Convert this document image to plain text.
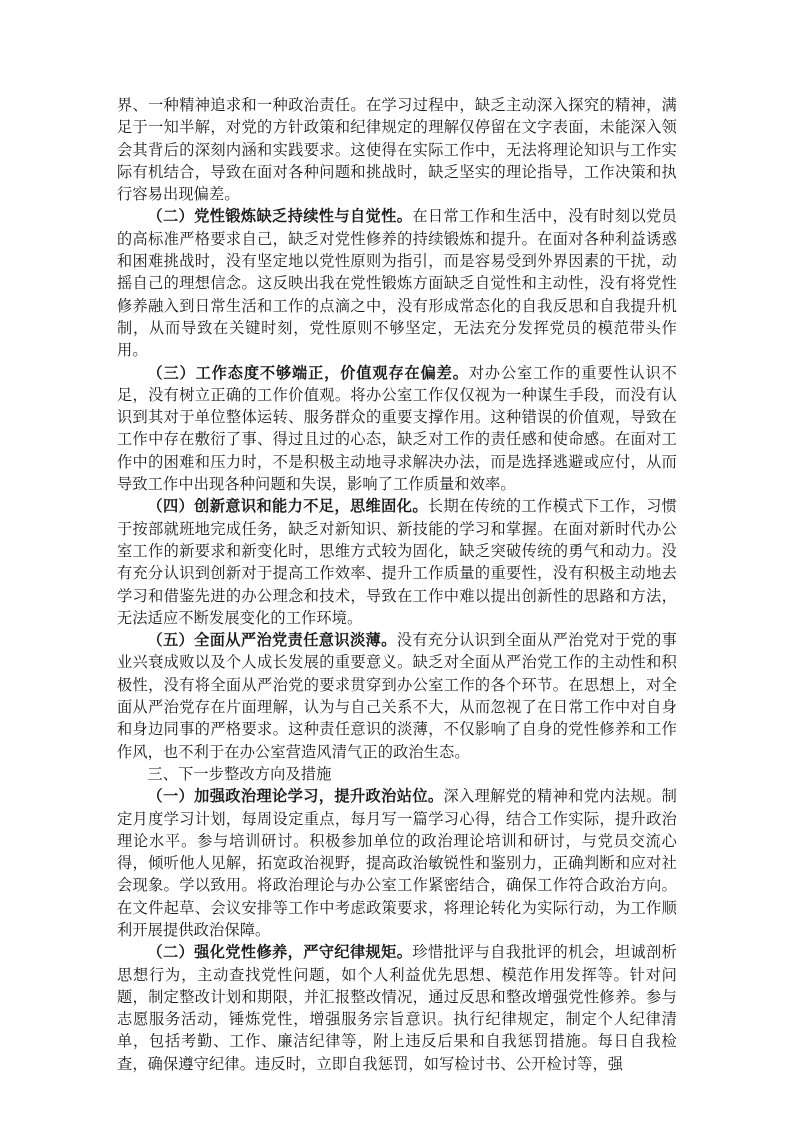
界、一种精神追求和一种政治责任。在学习过程中，缺乏主动深入探究的精神，满足于一知半解，对党的方针政策和纪律规定的理解仅停留在文字表面，未能深入领会其背后的深刻内涵和实践要求。这使得在实际工作中，无法将理论知识与工作实际有机结合，导致在面对各种问题和挑战时，缺乏坚实的理论指导，工作决策和执行容易出现偏差。

（二）党性锻炼缺乏持续性与自觉性。在日常工作和生活中，没有时刻以党员的高标准严格要求自己，缺乏对党性修养的持续锻炼和提升。在面对各种利益诱惑和困难挑战时，没有坚定地以党性原则为指引，而是容易受到外界因素的干扰，动摇自己的理想信念。这反映出我在党性锻炼方面缺乏自觉性和主动性，没有将党性修养融入到日常生活和工作的点滴之中，没有形成常态化的自我反思和自我提升机制，从而导致在关键时刻，党性原则不够坚定，无法充分发挥党员的模范带头作用。

（三）工作态度不够端正，价值观存在偏差。对办公室工作的重要性认识不足，没有树立正确的工作价值观。将办公室工作仅仅视为一种谋生手段，而没有认识到其对于单位整体运转、服务群众的重要支撑作用。这种错误的价值观，导致在工作中存在敷衍了事、得过且过的心态，缺乏对工作的责任感和使命感。在面对工作中的困难和压力时，不是积极主动地寻求解决办法，而是选择逃避或应付，从而导致工作中出现各种问题和失误，影响了工作质量和效率。

（四）创新意识和能力不足，思维固化。长期在传统的工作模式下工作，习惯于按部就班地完成任务，缺乏对新知识、新技能的学习和掌握。在面对新时代办公室工作的新要求和新变化时，思维方式较为固化，缺乏突破传统的勇气和动力。没有充分认识到创新对于提高工作效率、提升工作质量的重要性，没有积极主动地去学习和借鉴先进的办公理念和技术，导致在工作中难以提出创新性的思路和方法，无法适应不断发展变化的工作环境。

（五）全面从严治党责任意识淡薄。没有充分认识到全面从严治党对于党的事业兴衰成败以及个人成长发展的重要意义。缺乏对全面从严治党工作的主动性和积极性，没有将全面从严治党的要求贯穿到办公室工作的各个环节。在思想上，对全面从严治党存在片面理解，认为与自己关系不大，从而忽视了在日常工作中对自身和身边同事的严格要求。这种责任意识的淡薄，不仅影响了自身的党性修养和工作作风，也不利于在办公室营造风清气正的政治生态。

三、下一步整改方向及措施

（一）加强政治理论学习，提升政治站位。深入理解党的精神和党内法规。制定月度学习计划，每周设定重点，每月写一篇学习心得，结合工作实际，提升政治理论水平。参与培训研讨。积极参加单位的政治理论培训和研讨，与党员交流心得，倾听他人见解，拓宽政治视野，提高政治敏锐性和鉴别力，正确判断和应对社会现象。学以致用。将政治理论与办公室工作紧密结合，确保工作符合政治方向。在文件起草、会议安排等工作中考虑政策要求，将理论转化为实际行动，为工作顺利开展提供政治保障。

（二）强化党性修养，严守纪律规矩。珍惜批评与自我批评的机会，坦诚剖析思想行为，主动查找党性问题，如个人利益优先思想、模范作用发挥等。针对问题，制定整改计划和期限，并汇报整改情况，通过反思和整改增强党性修养。参与志愿服务活动，锤炼党性，增强服务宗旨意识。执行纪律规定，制定个人纪律清单，包括考勤、工作、廉洁纪律等，附上违反后果和自我惩罚措施。每日自我检查，确保遵守纪律。违反时，立即自我惩罚，如写检讨书、公开检讨等，强
